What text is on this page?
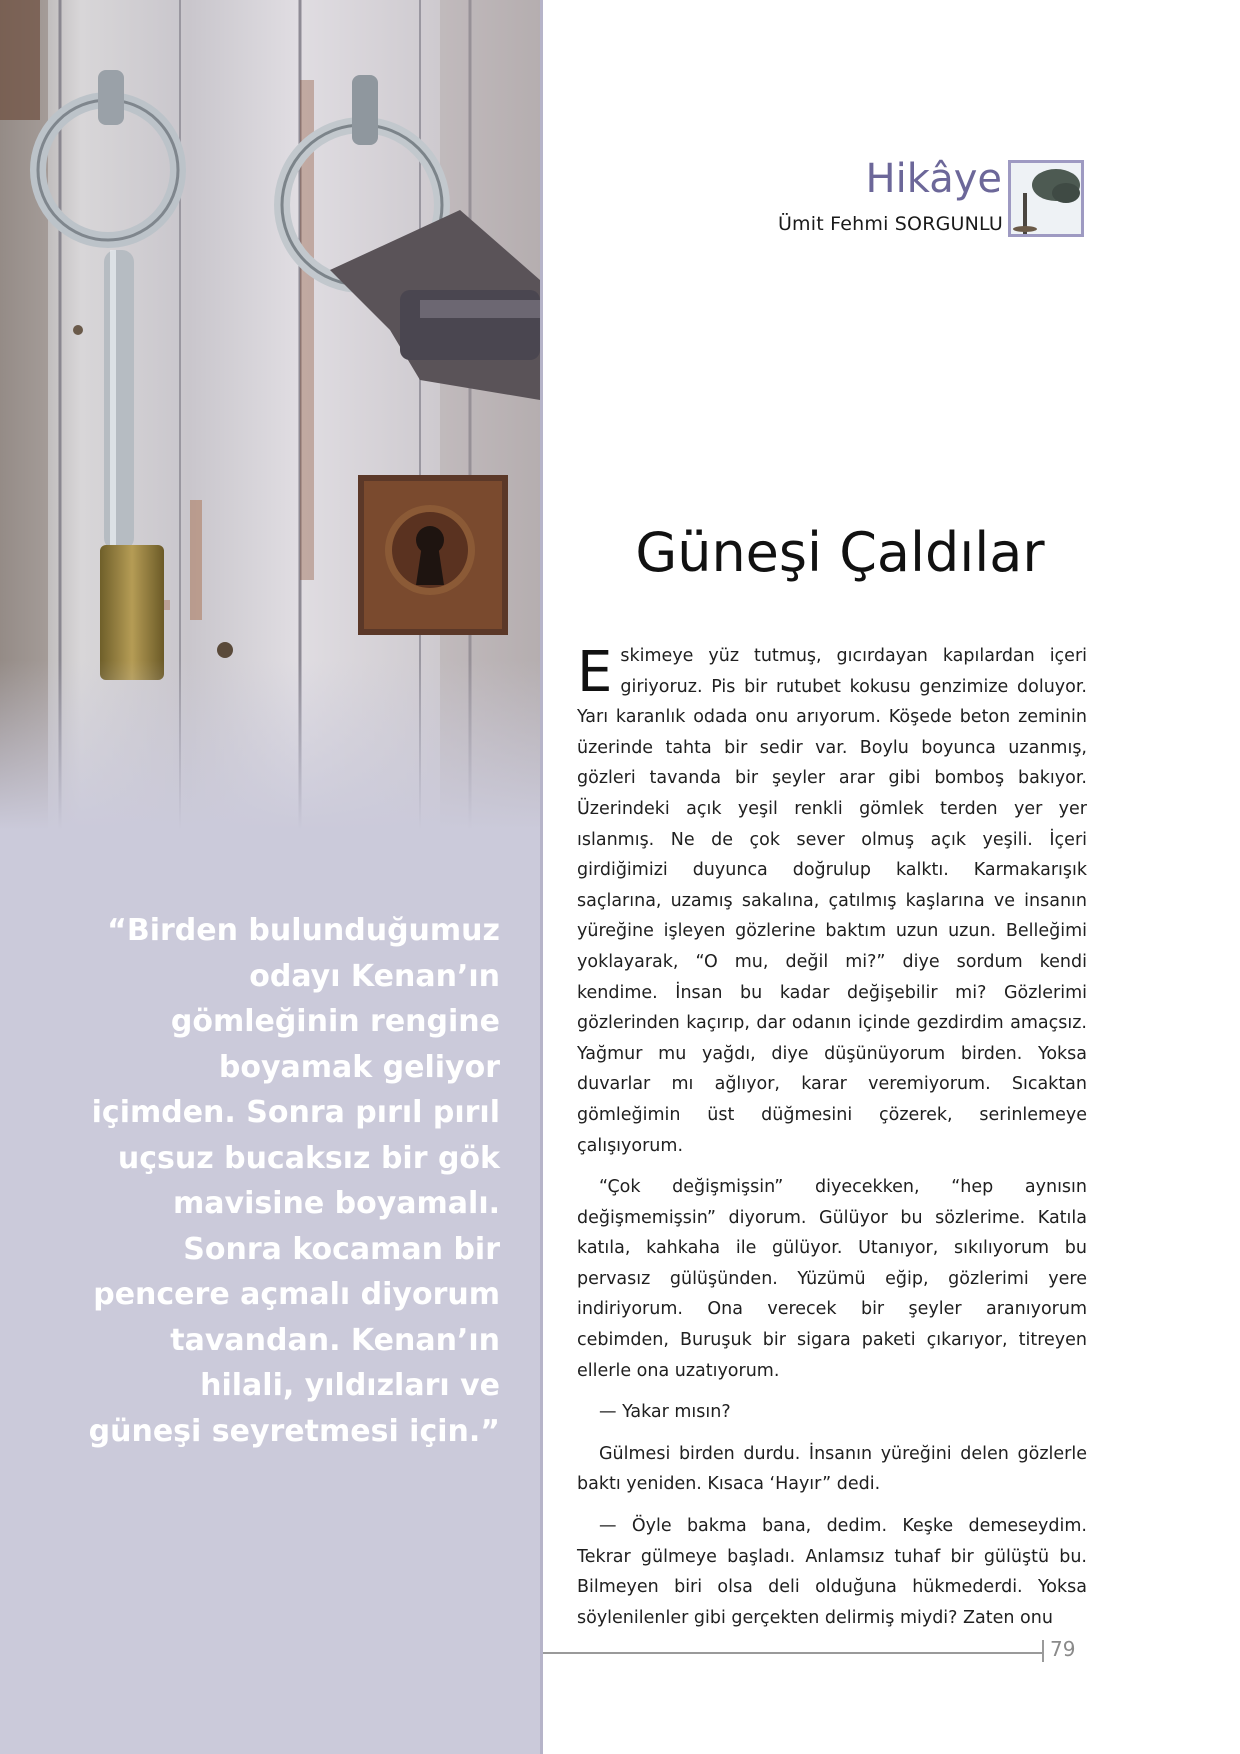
“Birden bulunduğumuz odayı Kenan’ın gömleğinin rengine boyamak geliyor içimden. Sonra pırıl pırıl uçsuz bucaksız bir gök mavisine boyamalı. Sonra kocaman bir pencere açmalı diyorum tavandan. Kenan’ın hilali, yıldızları ve güneşi seyretmesi için.”

Hikâye
Ümit Fehmi SORGUNLU
Güneşi Çaldılar

Eskimeye yüz tutmuş, gıcırdayan kapılardan içeri giriyoruz. Pis bir rutubet kokusu genzimize doluyor. Yarı karanlık odada onu arıyorum. Köşede beton zeminin üzerinde tahta bir sedir var. Boylu boyunca uzanmış, gözleri tavanda bir şeyler arar gibi bomboş bakıyor. Üzerindeki açık yeşil renkli gömlek terden yer yer ıslanmış. Ne de çok sever olmuş açık yeşili. İçeri girdiğimizi duyunca doğrulup kalktı. Karmakarışık saçlarına, uzamış sakalına, çatılmış kaşlarına ve insanın yüreğine işleyen gözlerine baktım uzun uzun. Belleğimi yoklayarak, “O mu, değil mi?” diye sordum kendi kendime. İnsan bu kadar değişebilir mi? Gözlerimi gözlerinden kaçırıp, dar odanın içinde gezdirdim amaçsız. Yağmur mu yağdı, diye düşünüyorum birden. Yoksa duvarlar mı ağlıyor, karar veremiyorum. Sıcaktan gömleğimin üst düğmesini çözerek, serinlemeye çalışıyorum.

“Çok değişmişsin” diyecekken, “hep aynısın değişmemişsin” diyorum. Gülüyor bu sözlerime. Katıla katıla, kahkaha ile gülüyor. Utanıyor, sıkılıyorum bu pervasız gülüşünden. Yüzümü eğip, gözlerimi yere indiriyorum. Ona verecek bir şeyler aranıyorum cebimden, Buruşuk bir sigara paketi çıkarıyor, titreyen ellerle ona uzatıyorum.

— Yakar mısın?

Gülmesi birden durdu. İnsanın yüreğini delen gözlerle baktı yeniden. Kısaca ‘Hayır” dedi.

— Öyle bakma bana, dedim. Keşke demeseydim. Tekrar gülmeye başladı. Anlamsız tuhaf bir gülüştü bu. Bilmeyen biri olsa deli olduğuna hükmederdi. Yoksa söylenilenler gibi gerçekten delirmiş miydi? Zaten onu

79
